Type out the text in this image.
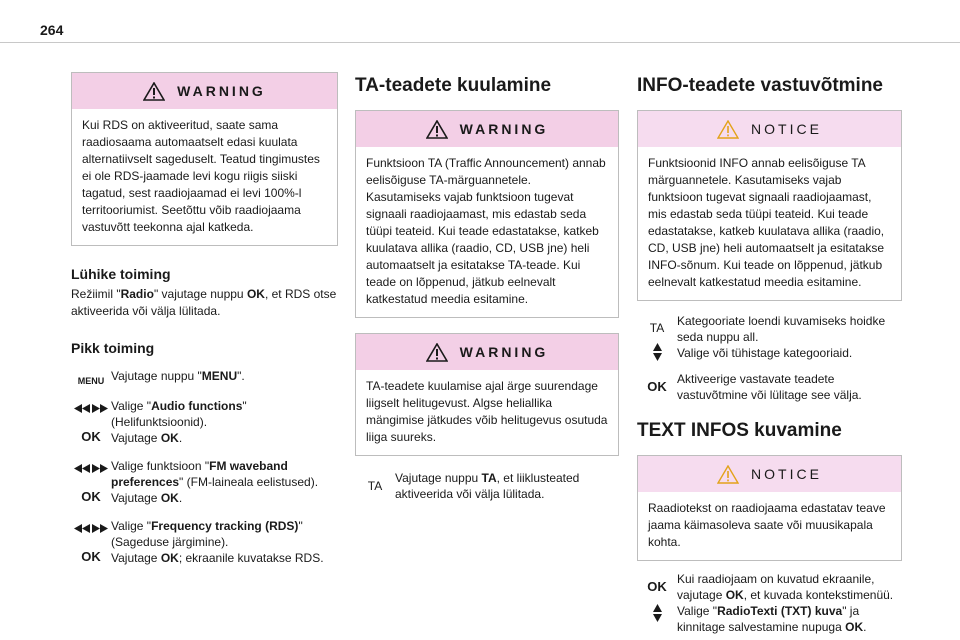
264
WARNING
Kui RDS on aktiveeritud, saate sama raadiosaama automaatselt edasi kuulata alternatiivselt sageduselt. Teatud tingimustes ei ole RDS-jaamade levi kogu riigis siiski tagatud, sest raadiojaamad ei levi 100%-l territooriumist. Seetõttu võib raadiojaama vastuvõtt teekonna ajal katkeda.
Lühike toiming

Režiimil "Radio" vajutage nuppu OK, et RDS otse aktiveerida või välja lülitada.

Pikk toiming
MENU Vajutage nuppu "MENU".
OK
Valige "Audio functions" (Helifunktsioonid).
Vajutage OK.
OK
Valige funktsioon "FM waveband preferences" (FM-laineala eelistused).
Vajutage OK.
OK
Valige "Frequency tracking (RDS)" (Sageduse järgimine).
Vajutage OK; ekraanile kuvatakse RDS.
TA-teadete kuulamine
WARNING
Funktsioon TA (Traffic Announcement) annab eelisõiguse TA-märguannetele. Kasutamiseks vajab funktsioon tugevat signaali raadiojaamast, mis edastab seda tüüpi teateid. Kui teade edastatakse, katkeb kuulatava allika (raadio, CD, USB jne) heli automaatselt ja esitatakse TA-teade. Kui teade on lõppenud, jätkub eelnevalt katkestatud meedia esitamine.
WARNING
TA-teadete kuulamise ajal ärge suurendage liigselt helitugevust. Algse heliallika mängimise jätkudes võib helitugevus osutuda liiga suureks.
TA
Vajutage nuppu TA, et liiklusteated aktiveerida või välja lülitada.
INFO-teadete vastuvõtmine
NOTICE
Funktsioonid INFO annab eelisõiguse TA märguannetele. Kasutamiseks vajab funktsioon tugevat signaali raadiojaamast, mis edastab seda tüüpi teateid. Kui teade edastatakse, katkeb kuulatava allika (raadio, CD, USB jne) heli automaatselt ja esitatakse INFO-sõnum. Kui teade on lõppenud, jätkub eelnevalt katkestatud meedia esitamine.
TA Kategooriate loendi kuvamiseks hoidke seda nuppu all.
Valige või tühistage kategooriaid.
OK Aktiveerige vastavate teadete vastuvõtmine või lülitage see välja.
TEXT INFOS kuvamine
NOTICE
Raadiotekst on raadiojaama edastatav teave jaama käimasoleva saate või muusikapala kohta.
OK Kui raadiojaam on kuvatud ekraanile, vajutage OK, et kuvada kontekstimenüü.
Valige "RadioTexti (TXT) kuva" ja kinnitage salvestamine nupuga OK.
